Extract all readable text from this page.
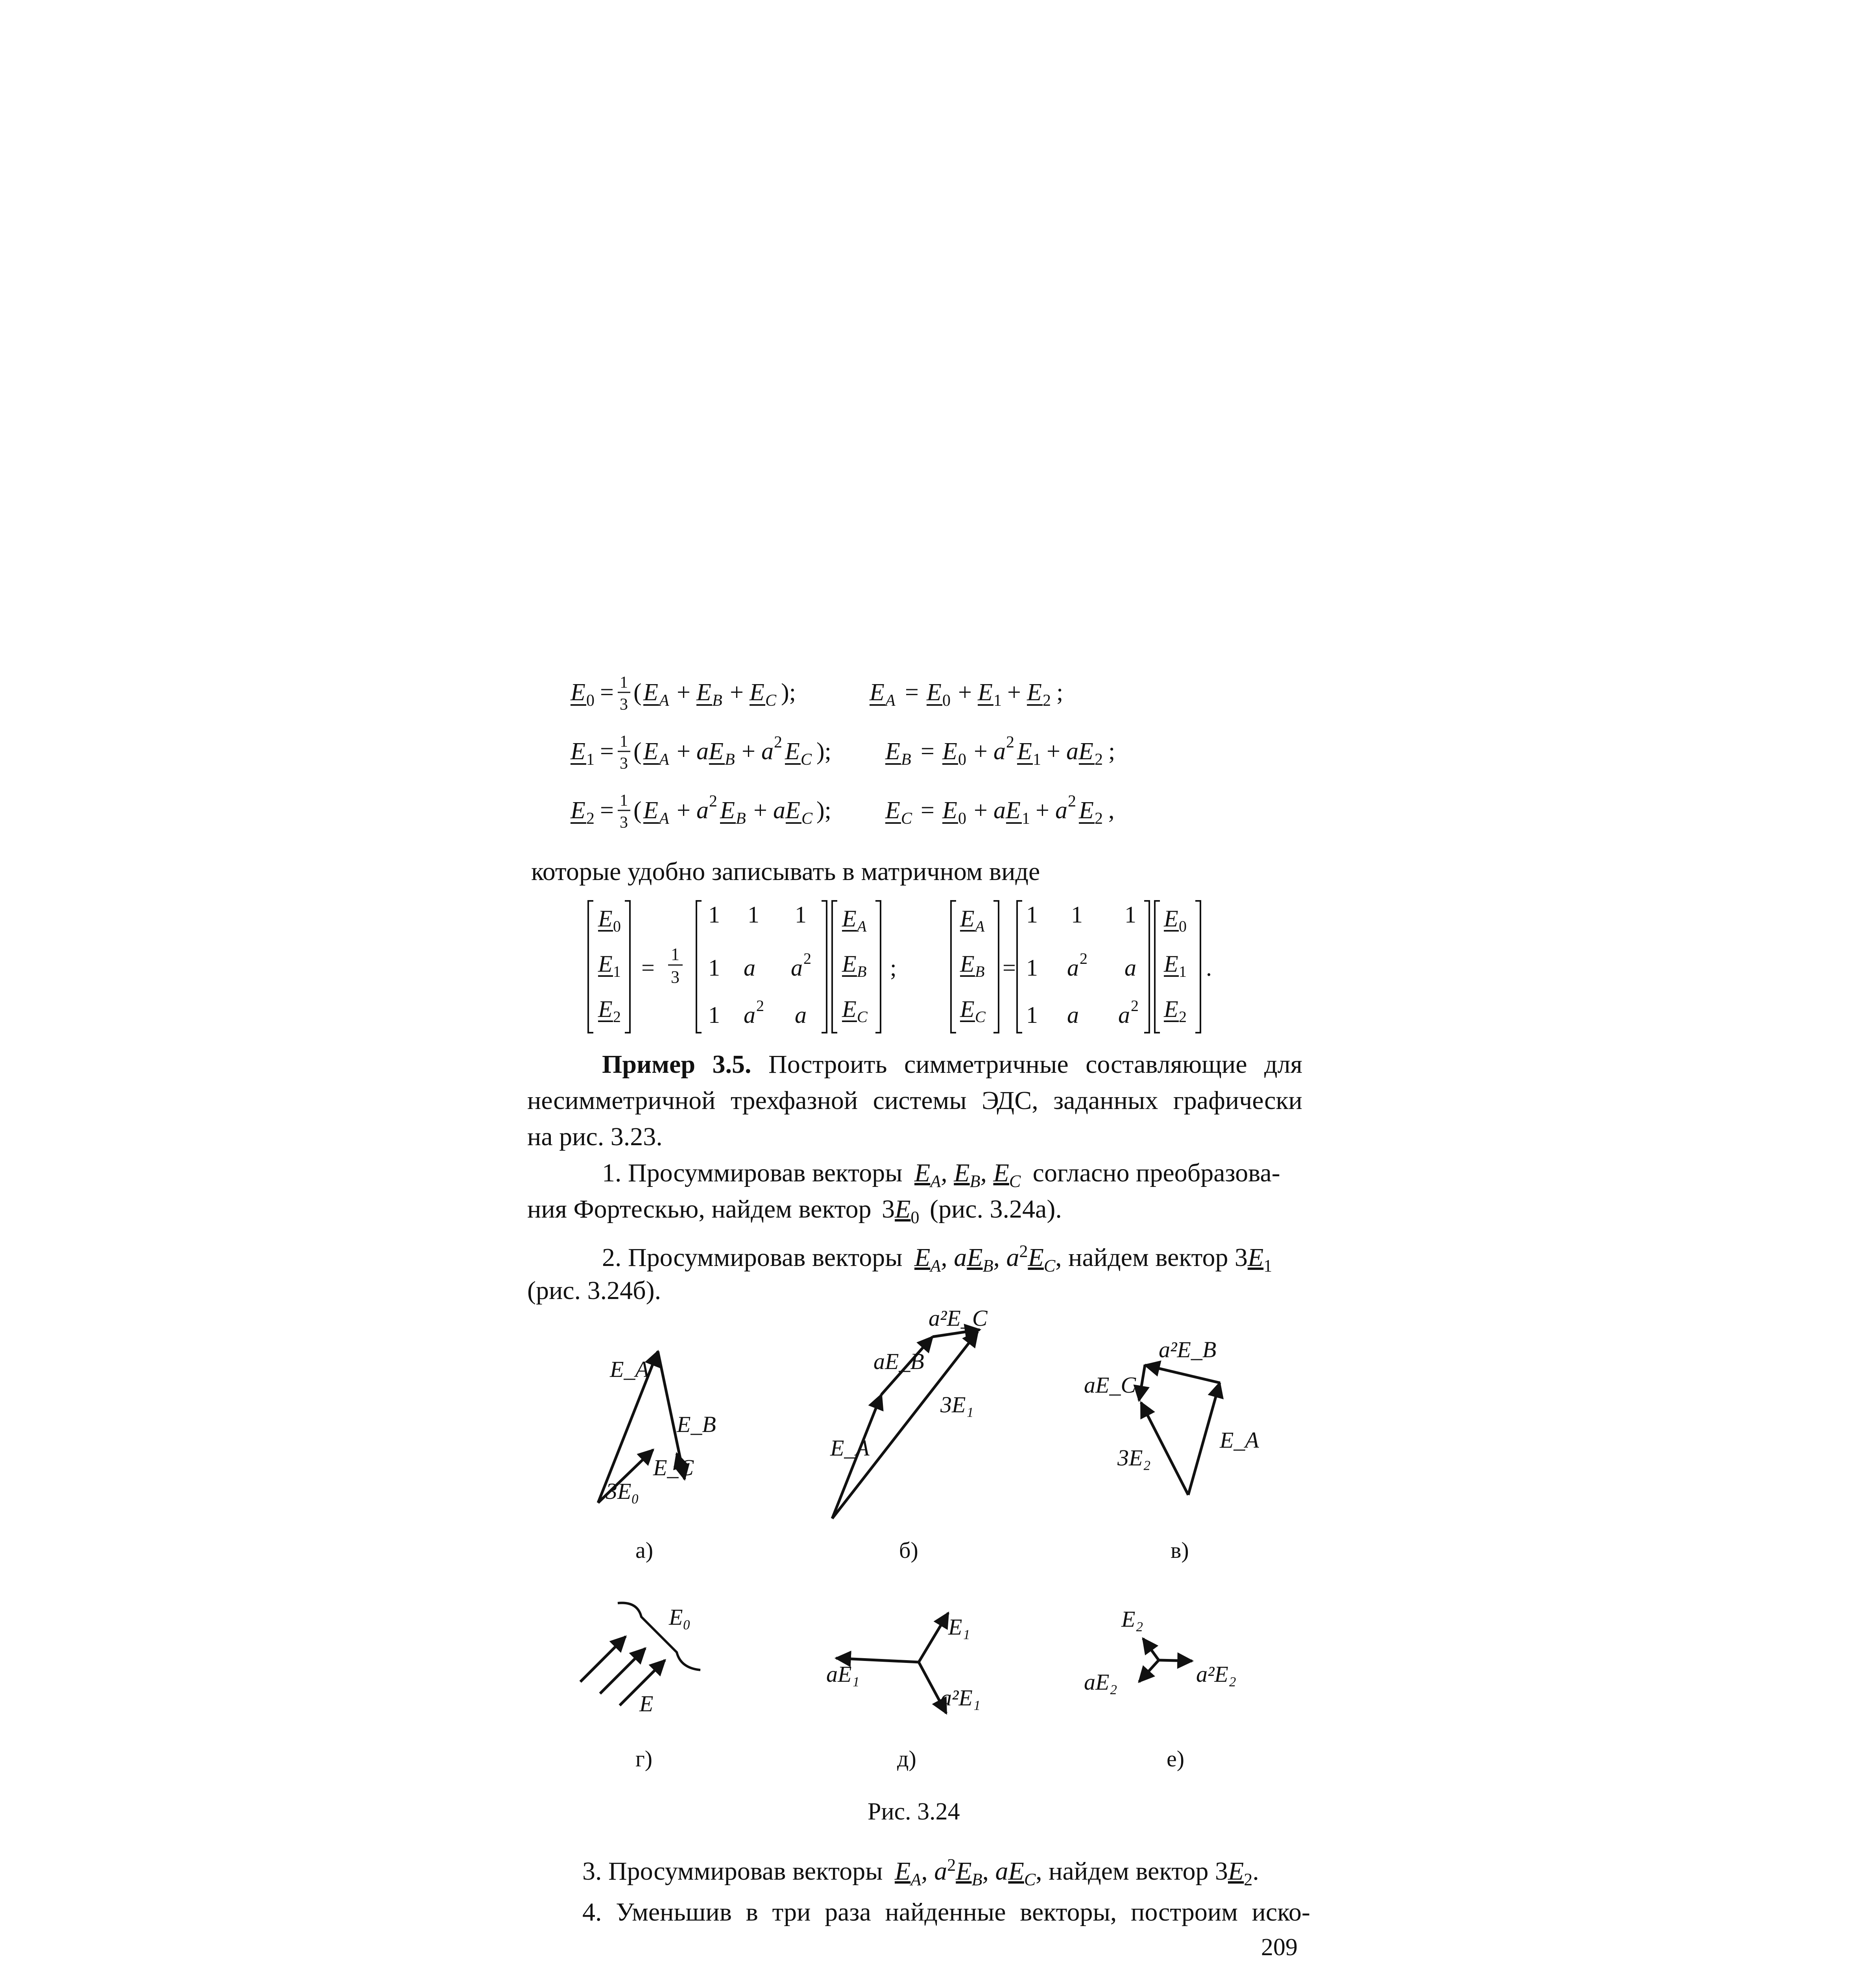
E 0 = 1
3 ( E A + E B + E C );	E A = E 0 + E 1 + E 2 ;
E 1 = 1
3 ( E A + aE B + a 2 E C ); E B = E 0 + a 2 E 1 + aE 2 ;
E 2 = 1
3 ( E A + a 2 E B + aE C ); E C = E 0 + aE 1 + a 2 E 2 ,
которые удобно записывать в матричном виде
E 0
E 1
E 2
=
1
3
1 1 1
1 a a 2
1 a 2 a
E A
E B
E C
;
E A
E B
E C
=
1 1 1
1 a 2 a
1 a a 2
E 0
E 1
E 2
.
Пример 3.5. Построить симметричные составляющие для
несимметричной трехфазной системы ЭДС, заданных графически
на рис. 3.23.
1. Просуммировав векторы $E_A$, $E_B$, $E_C$ согласно преобразова-
ния Фортескью, найдем вектор $3E_0$ (рис. 3.24а).
2. Просуммировав векторы $E_A$, $aE_B$, $a^2E_C$, найдем вектор $3E_1$
(рис. 3.24б).
E_A
E_B
E_C
3E₀
а)
a²E_C
aE_B
3E₁
E_A
б)
a²E_B
aE_C
E_A
3E₂
в)
E₀
E
г)
E₁
aE₁
a²E₁
д)
E₂
aE₂	a²E₂
е)
Рис. 3.24
3. Просуммировав векторы $E_A$, $a^2E_B$, $aE_C$, найдем вектор $3E_2$.
4. Уменьшив в три раза найденные векторы, построим иско-
209
